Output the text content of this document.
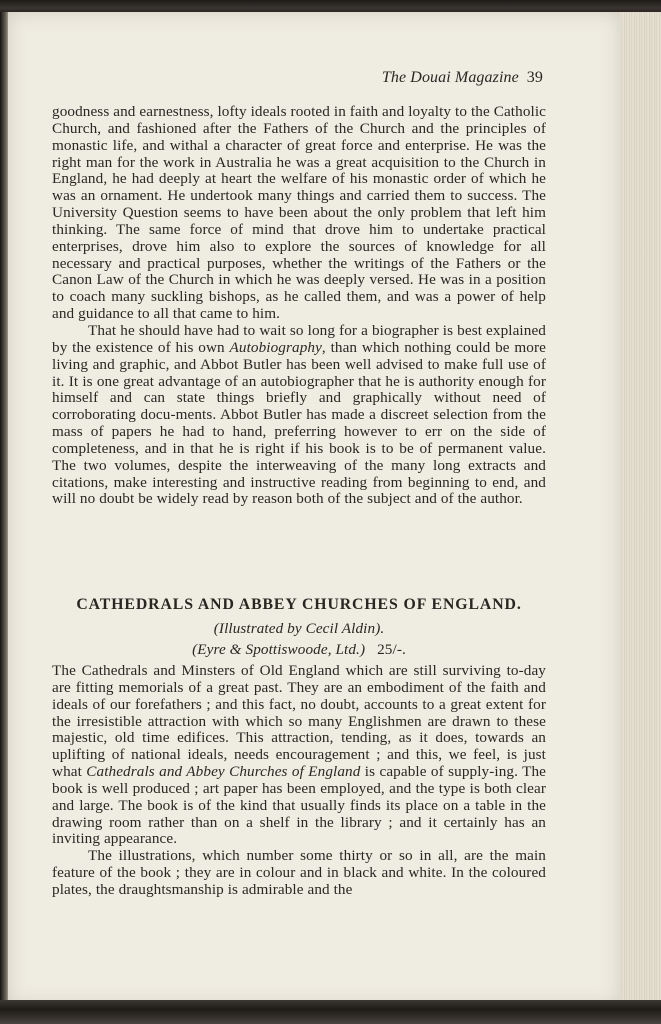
The Douai Magazine 39

goodness and earnestness, lofty ideals rooted in faith and loyalty to the Catholic Church, and fashioned after the Fathers of the Church and the principles of monastic life, and withal a character of great force and enterprise. He was the right man for the work in Australia he was a great acquisition to the Church in England, he had deeply at heart the welfare of his monastic order of which he was an ornament. He undertook many things and carried them to success. The University Question seems to have been about the only problem that left him thinking. The same force of mind that drove him to undertake practical enterprises, drove him also to explore the sources of knowledge for all necessary and practical purposes, whether the writings of the Fathers or the Canon Law of the Church in which he was deeply versed. He was in a position to coach many suckling bishops, as he called them, and was a power of help and guidance to all that came to him.

That he should have had to wait so long for a biographer is best explained by the existence of his own Autobiography, than which nothing could be more living and graphic, and Abbot Butler has been well advised to make full use of it. It is one great advantage of an autobiographer that he is authority enough for himself and can state things briefly and graphically without need of corroborating docu-ments. Abbot Butler has made a discreet selection from the mass of papers he had to hand, preferring however to err on the side of completeness, and in that he is right if his book is to be of permanent value. The two volumes, despite the interweaving of the many long extracts and citations, make interesting and instructive reading from beginning to end, and will no doubt be widely read by reason both of the subject and of the author.

CATHEDRALS AND ABBEY CHURCHES OF ENGLAND.
(Illustrated by Cecil Aldin).
(Eyre & Spottiswoode, Ltd.) 25/-.

The Cathedrals and Minsters of Old England which are still surviving to-day are fitting memorials of a great past. They are an embodiment of the faith and ideals of our forefathers ; and this fact, no doubt, accounts to a great extent for the irresistible attraction with which so many Englishmen are drawn to these majestic, old time edifices. This attraction, tending, as it does, towards an uplifting of national ideals, needs encouragement ; and this, we feel, is just what Cathedrals and Abbey Churches of England is capable of supply-ing. The book is well produced ; art paper has been employed, and the type is both clear and large. The book is of the kind that usually finds its place on a table in the drawing room rather than on a shelf in the library ; and it certainly has an inviting appearance.

The illustrations, which number some thirty or so in all, are the main feature of the book ; they are in colour and in black and white. In the coloured plates, the draughtsmanship is admirable and the
